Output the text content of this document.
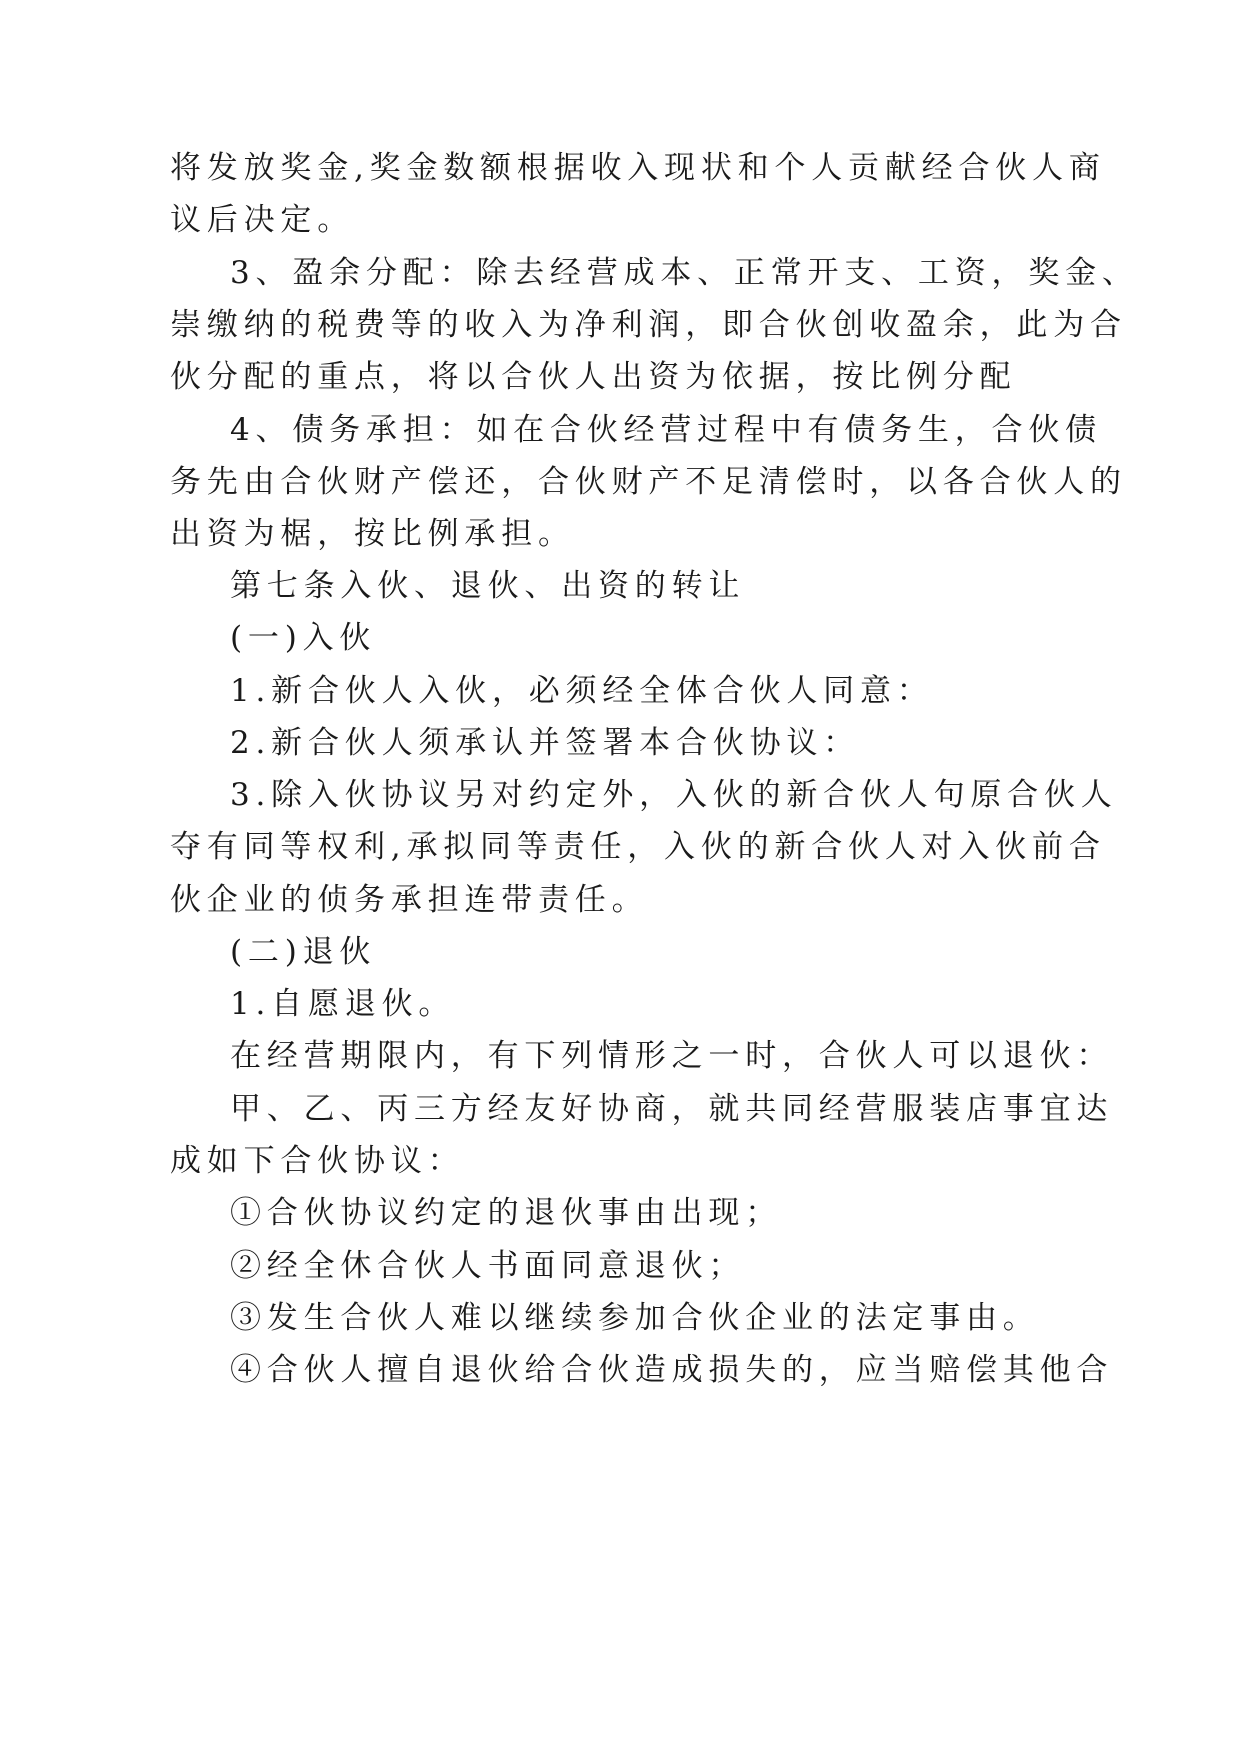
将发放奖金,奖金数额根据收入现状和个人贡献经合伙人商
议后决定。
3、盈余分配：除去经营成本、正常开支、工资，奖金、
崇缴纳的税费等的收入为净利润，即合伙创收盈余，此为合
伙分配的重点，将以合伙人出资为依据，按比例分配
4、债务承担：如在合伙经营过程中有债务生，合伙债
务先由合伙财产偿还，合伙财产不足清偿时，以各合伙人的
出资为椐，按比例承担。
第七条入伙、退伙、出资的转让
(一)入伙
1.新合伙人入伙，必须经全体合伙人同意：
2.新合伙人须承认并签署本合伙协议：
3.除入伙协议另对约定外，入伙的新合伙人句原合伙人
夺有同等权利,承拟同等责任，入伙的新合伙人对入伙前合
伙企业的侦务承担连带责任。
(二)退伙
1.自愿退伙。
在经营期限内，有下列情形之一时，合伙人可以退伙：
甲、乙、丙三方经友好协商，就共同经营服装店事宜达
成如下合伙协议：
①合伙协议约定的退伙事由出现；
②经全休合伙人书面同意退伙；
③发生合伙人难以继续参加合伙企业的法定事由。
④合伙人擅自退伙给合伙造成损失的，应当赔偿其他合
